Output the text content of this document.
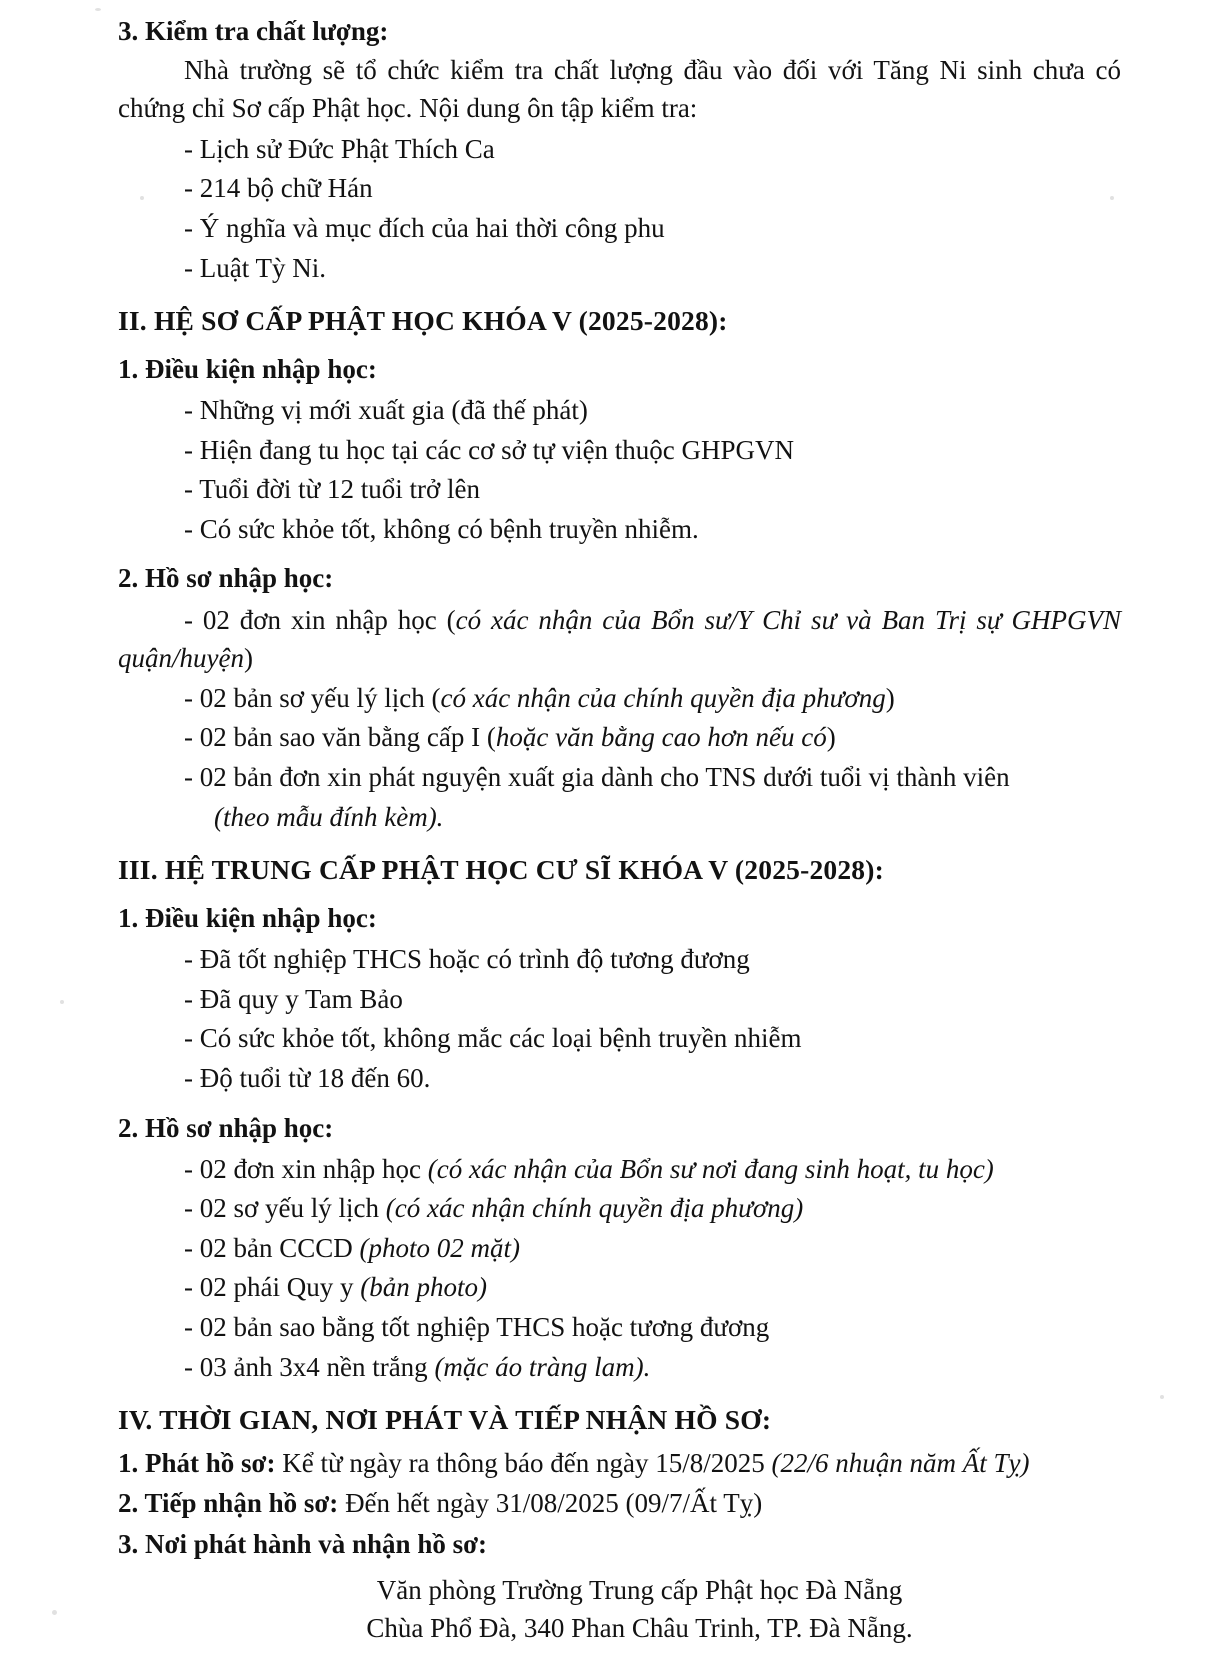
3. Kiểm tra chất lượng:
Nhà trường sẽ tổ chức kiểm tra chất lượng đầu vào đối với Tăng Ni sinh chưa có chứng chỉ Sơ cấp Phật học. Nội dung ôn tập kiểm tra:
- Lịch sử Đức Phật Thích Ca
- 214 bộ chữ Hán
- Ý nghĩa và mục đích của hai thời công phu
- Luật Tỳ Ni.
II. HỆ SƠ CẤP PHẬT HỌC KHÓA V (2025-2028):
1. Điều kiện nhập học:
- Những vị mới xuất gia (đã thế phát)
- Hiện đang tu học tại các cơ sở tự viện thuộc GHPGVN
- Tuổi đời từ 12 tuổi trở lên
- Có sức khỏe tốt, không có bệnh truyền nhiễm.
2. Hồ sơ nhập học:
- 02 đơn xin nhập học (có xác nhận của Bổn sư/Y Chỉ sư và Ban Trị sự GHPGVN quận/huyện)
- 02 bản sơ yếu lý lịch (có xác nhận của chính quyền địa phương)
- 02 bản sao văn bằng cấp I (hoặc văn bằng cao hơn nếu có)
- 02 bản đơn xin phát nguyện xuất gia dành cho TNS dưới tuổi vị thành viên
(theo mẫu đính kèm).
III. HỆ TRUNG CẤP PHẬT HỌC CƯ SĨ KHÓA V (2025-2028):
1. Điều kiện nhập học:
- Đã tốt nghiệp THCS hoặc có trình độ tương đương
- Đã quy y Tam Bảo
- Có sức khỏe tốt, không mắc các loại bệnh truyền nhiễm
- Độ tuổi từ 18 đến 60.
2. Hồ sơ nhập học:
- 02 đơn xin nhập học (có xác nhận của Bổn sư nơi đang sinh hoạt, tu học)
- 02 sơ yếu lý lịch (có xác nhận chính quyền địa phương)
- 02 bản CCCD (photo 02 mặt)
- 02 phái Quy y (bản photo)
- 02 bản sao bằng tốt nghiệp THCS hoặc tương đương
- 03 ảnh 3x4 nền trắng (mặc áo tràng lam).
IV. THỜI GIAN, NƠI PHÁT VÀ TIẾP NHẬN HỒ SƠ:
1. Phát hồ sơ: Kể từ ngày ra thông báo đến ngày 15/8/2025 (22/6 nhuận năm Ất Tỵ)
2. Tiếp nhận hồ sơ: Đến hết ngày 31/08/2025 (09/7/Ất Tỵ)
3. Nơi phát hành và nhận hồ sơ:
Văn phòng Trường Trung cấp Phật học Đà Nẵng
Chùa Phổ Đà, 340 Phan Châu Trinh, TP. Đà Nẵng.
